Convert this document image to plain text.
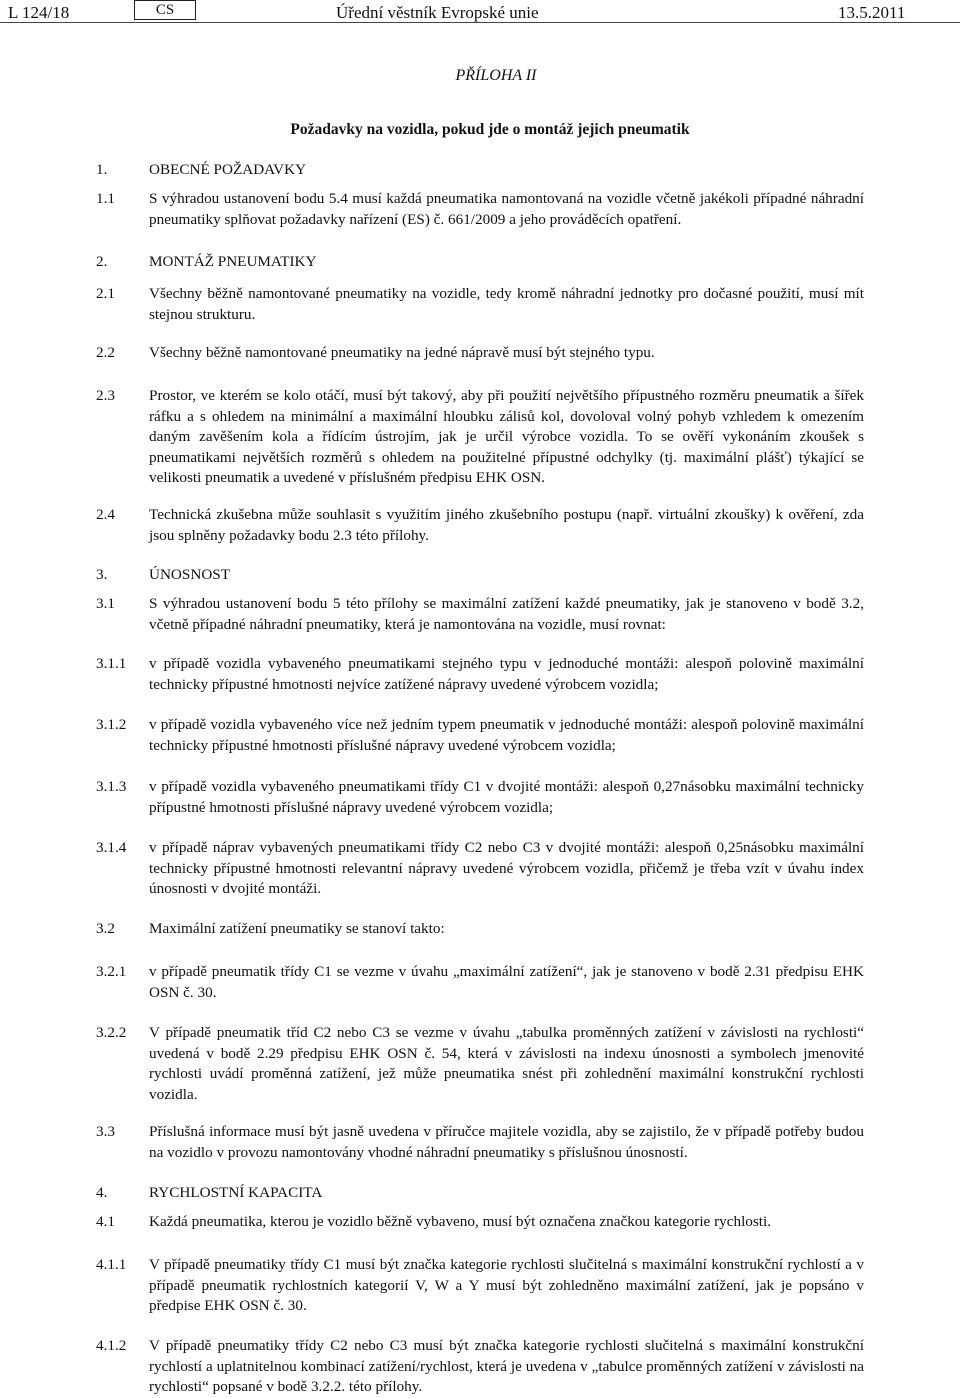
L 124/18	CS	Úřední věstník Evropské unie	13.5.2011
PŘÍLOHA II
Požadavky na vozidla, pokud jde o montáž jejich pneumatik
1.	OBECNÉ POŽADAVKY
1.1 S výhradou ustanovení bodu 5.4 musí každá pneumatika namontovaná na vozidle včetně jakékoli případné náhradní pneumatiky splňovat požadavky nařízení (ES) č. 661/2009 a jeho prováděcích opatření.
2.	MONTÁŽ PNEUMATIKY
2.1 Všechny běžně namontované pneumatiky na vozidle, tedy kromě náhradní jednotky pro dočasné použití, musí mít stejnou strukturu.
2.2 Všechny běžně namontované pneumatiky na jedné nápravě musí být stejného typu.
2.3 Prostor, ve kterém se kolo otáčí, musí být takový, aby při použití největšího přípustného rozměru pneumatik a šířek ráfku a s ohledem na minimální a maximální hloubku zálisů kol, dovoloval volný pohyb vzhledem k omezením daným zavěšením kola a řídícím ústrojím, jak je určil výrobce vozidla. To se ověří vykonáním zkoušek s pneumatikami největších rozměrů s ohledem na použitelné přípustné odchylky (tj. maximální plášť) týkající se velikosti pneumatik a uvedené v příslušném předpisu EHK OSN.
2.4 Technická zkušebna může souhlasit s využitím jiného zkušebního postupu (např. virtuální zkoušky) k ověření, zda jsou splněny požadavky bodu 2.3 této přílohy.
3.	ÚNOSNOST
3.1 S výhradou ustanovení bodu 5 této přílohy se maximální zatížení každé pneumatiky, jak je stanoveno v bodě 3.2, včetně případné náhradní pneumatiky, která je namontována na vozidle, musí rovnat:
3.1.1 v případě vozidla vybaveného pneumatikami stejného typu v jednoduché montáži: alespoň polovině maximální technicky přípustné hmotnosti nejvíce zatížené nápravy uvedené výrobcem vozidla;
3.1.2 v případě vozidla vybaveného více než jedním typem pneumatik v jednoduché montáži: alespoň polovině maximální technicky přípustné hmotnosti příslušné nápravy uvedené výrobcem vozidla;
3.1.3 v případě vozidla vybaveného pneumatikami třídy C1 v dvojité montáži: alespoň 0,27násobku maximální technicky přípustné hmotnosti příslušné nápravy uvedené výrobcem vozidla;
3.1.4 v případě náprav vybavených pneumatikami třídy C2 nebo C3 v dvojité montáži: alespoň 0,25násobku maximální technicky přípustné hmotnosti relevantní nápravy uvedené výrobcem vozidla, přičemž je třeba vzít v úvahu index únosnosti v dvojité montáži.
3.2 Maximální zatížení pneumatiky se stanoví takto:
3.2.1 v případě pneumatik třídy C1 se vezme v úvahu „maximální zatížení“, jak je stanoveno v bodě 2.31 předpisu EHK OSN č. 30.
3.2.2 V případě pneumatik tříd C2 nebo C3 se vezme v úvahu „tabulka proměnných zatížení v závislosti na rychlosti“ uvedená v bodě 2.29 předpisu EHK OSN č. 54, která v závislosti na indexu únosnosti a symbolech jmenovité rychlosti uvádí proměnná zatížení, jež může pneumatika snést při zohlednění maximální konstrukční rychlosti vozidla.
3.3 Příslušná informace musí být jasně uvedena v příručce majitele vozidla, aby se zajistilo, že v případě potřeby budou na vozidlo v provozu namontovány vhodné náhradní pneumatiky s příslušnou únosností.
4.	RYCHLOSTNÍ KAPACITA
4.1 Každá pneumatika, kterou je vozidlo běžně vybaveno, musí být označena značkou kategorie rychlosti.
4.1.1 V případě pneumatiky třídy C1 musí být značka kategorie rychlosti slučitelná s maximální konstrukční rychlostí a v případě pneumatik rychlostních kategorií V, W a Y musí být zohledněno maximální zatížení, jak je popsáno v předpise EHK OSN č. 30.
4.1.2 V případě pneumatiky třídy C2 nebo C3 musí být značka kategorie rychlosti slučitelná s maximální konstrukční rychlostí a uplatnitelnou kombinací zatížení/rychlost, která je uvedena v „tabulce proměnných zatížení v závislosti na rychlosti“ popsané v bodě 3.2.2. této přílohy.
